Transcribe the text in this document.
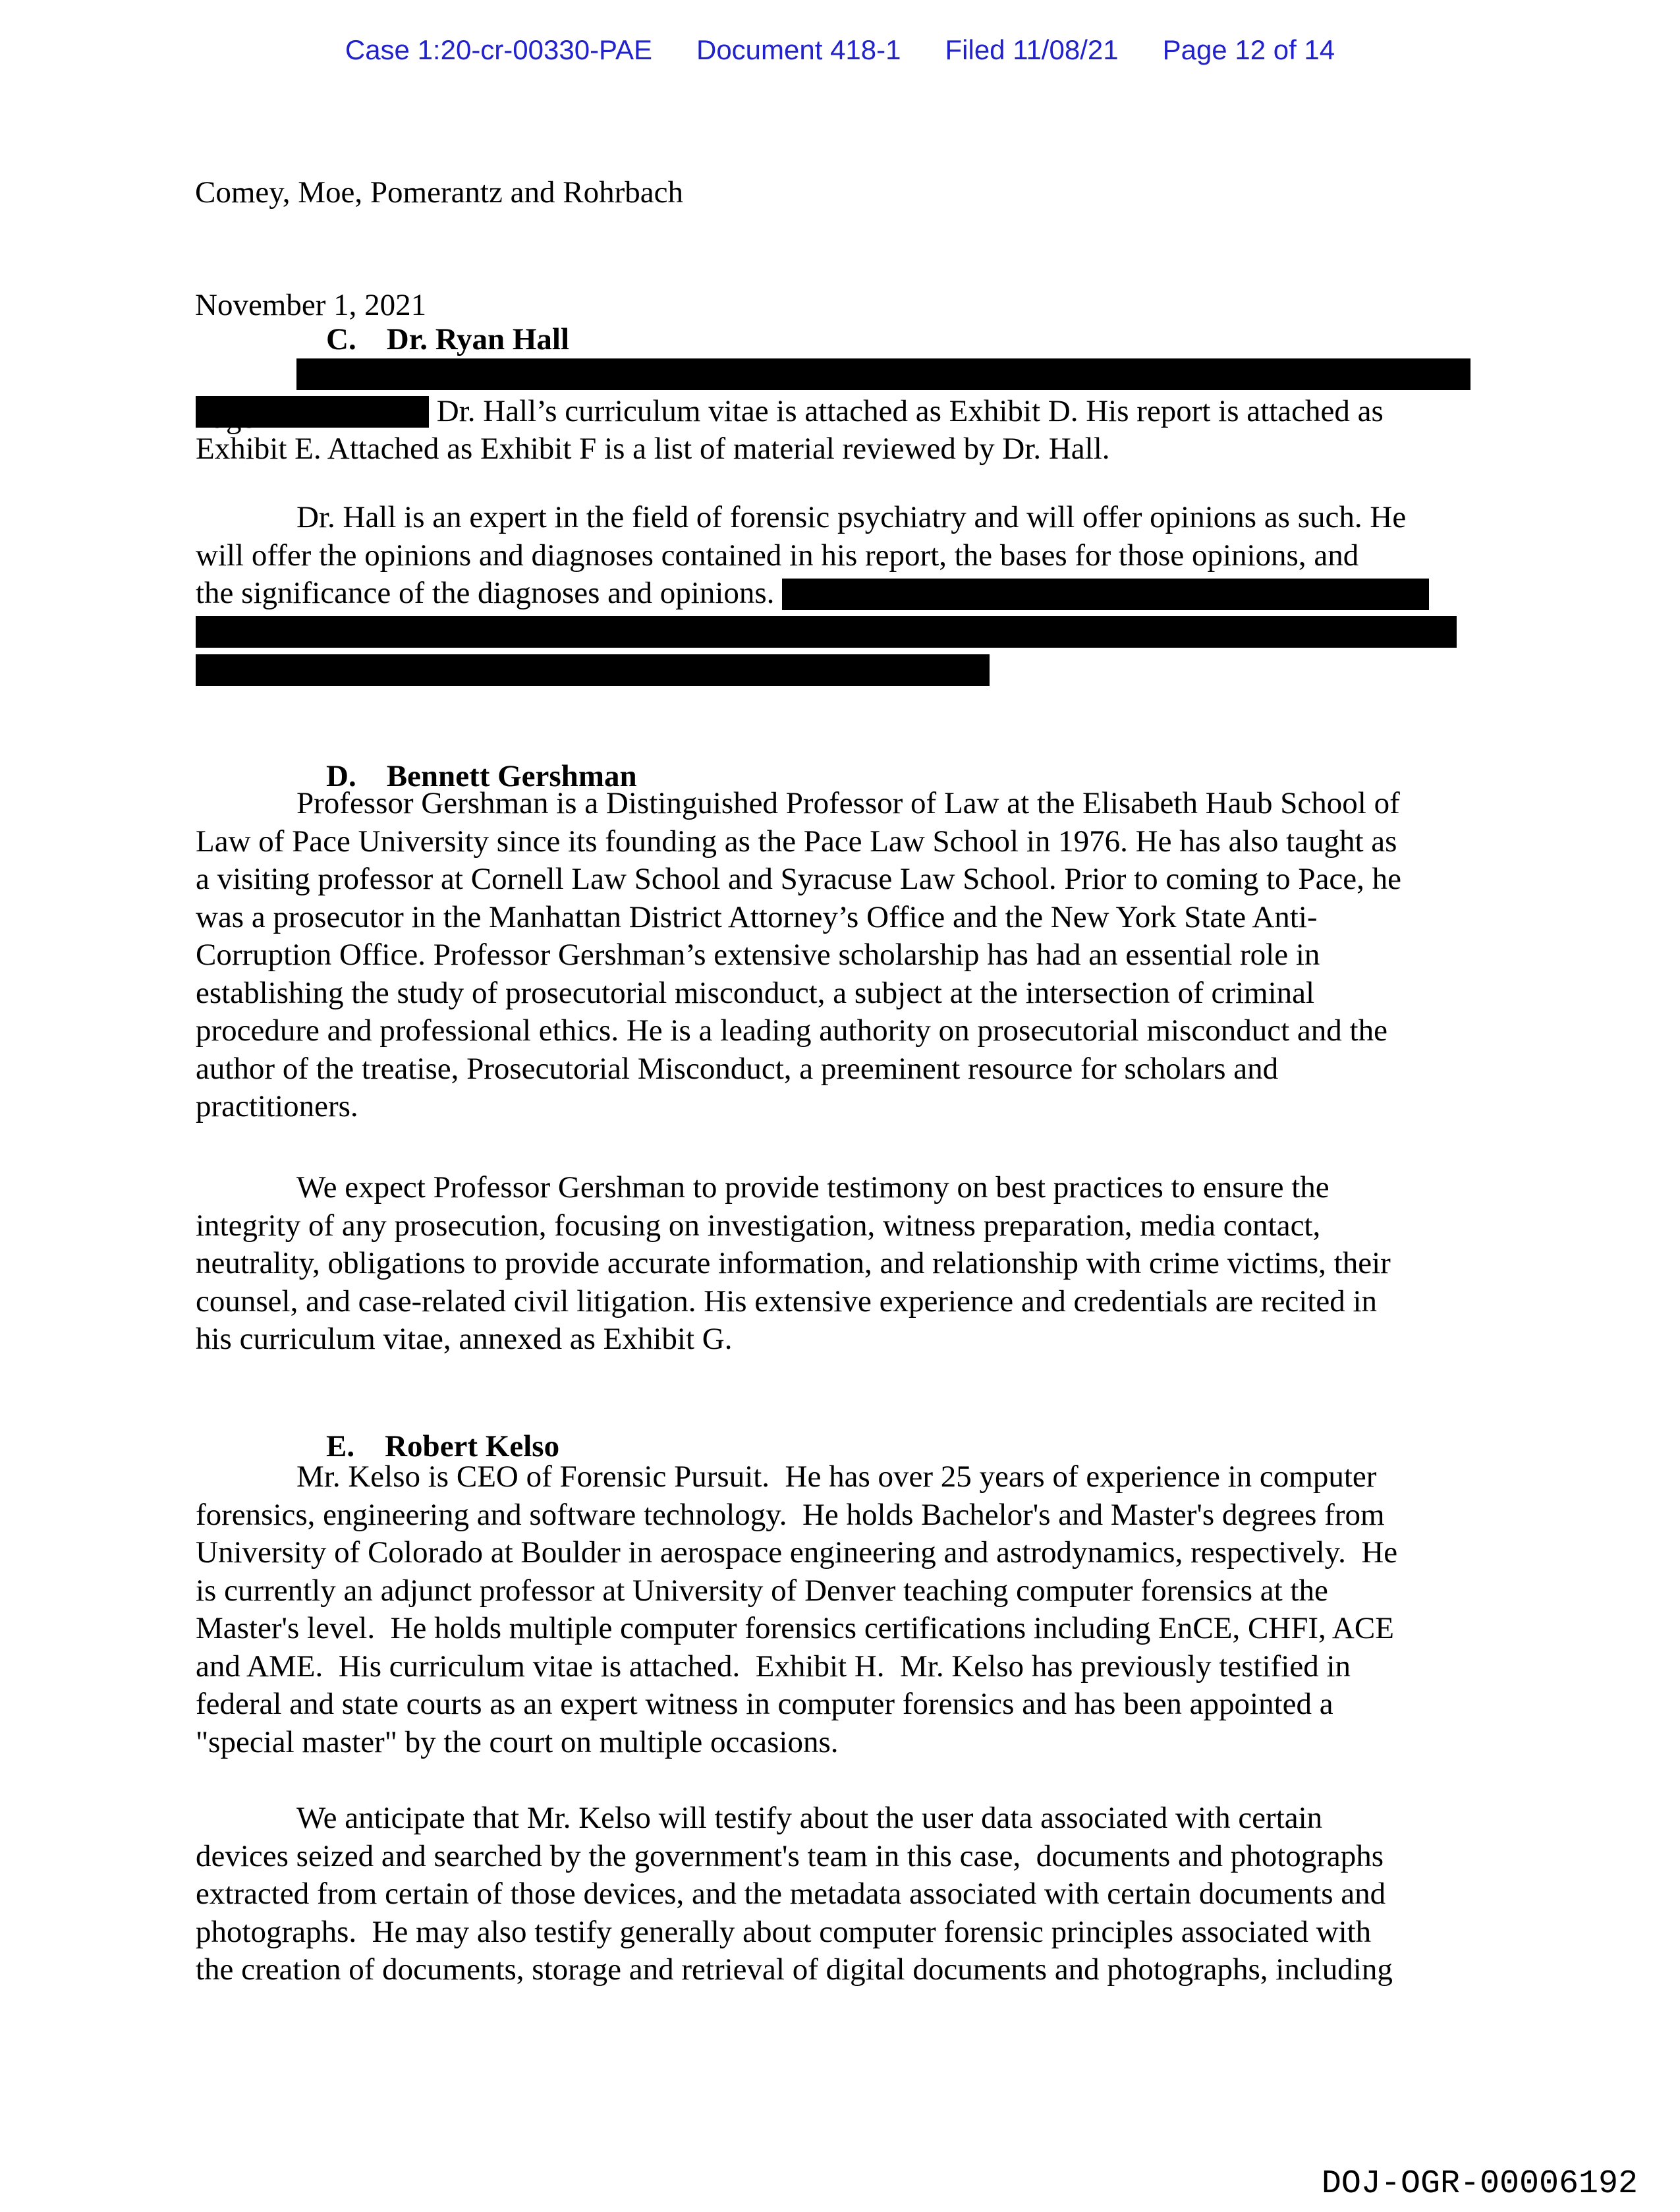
Case 1:20-cr-00330-PAE Document 418-1 Filed 11/08/21 Page 12 of 14

Comey, Moe, Pomerantz and Rohrbach

November 1, 2021

C. Dr. Ryan Hall

Dr. Hall’s curriculum vitae is attached as Exhibit D. His report is attached as
Exhibit E. Attached as Exhibit F is a list of material reviewed by Dr. Hall.
Dr. Hall is an expert in the field of forensic psychiatry and will offer opinions as such. He
will offer the opinions and diagnoses contained in his report, the bases for those opinions, and
the significance of the diagnoses and opinions.

D. Bennett Gershman

Professor Gershman is a Distinguished Professor of Law at the Elisabeth Haub School of
Law of Pace University since its founding as the Pace Law School in 1976. He has also taught as
a visiting professor at Cornell Law School and Syracuse Law School. Prior to coming to Pace, he
was a prosecutor in the Manhattan District Attorney’s Office and the New York State Anti-
Corruption Office. Professor Gershman’s extensive scholarship has had an essential role in
establishing the study of prosecutorial misconduct, a subject at the intersection of criminal
procedure and professional ethics. He is a leading authority on prosecutorial misconduct and the
author of the treatise, Prosecutorial Misconduct, a preeminent resource for scholars and
practitioners.
We expect Professor Gershman to provide testimony on best practices to ensure the
integrity of any prosecution, focusing on investigation, witness preparation, media contact,
neutrality, obligations to provide accurate information, and relationship with crime victims, their
counsel, and case-related civil litigation. His extensive experience and credentials are recited in
his curriculum vitae, annexed as Exhibit G.

E. Robert Kelso

Mr. Kelso is CEO of Forensic Pursuit.  He has over 25 years of experience in computer
forensics, engineering and software technology.  He holds Bachelor's and Master's degrees from
University of Colorado at Boulder in aerospace engineering and astrodynamics, respectively.  He
is currently an adjunct professor at University of Denver teaching computer forensics at the
Master's level.  He holds multiple computer forensics certifications including EnCE, CHFI, ACE
and AME.  His curriculum vitae is attached.  Exhibit H.  Mr. Kelso has previously testified in
federal and state courts as an expert witness in computer forensics and has been appointed a
"special master" by the court on multiple occasions.
We anticipate that Mr. Kelso will testify about the user data associated with certain
devices seized and searched by the government's team in this case,  documents and photographs
extracted from certain of those devices, and the metadata associated with certain documents and
photographs.  He may also testify generally about computer forensic principles associated with
the creation of documents, storage and retrieval of digital documents and photographs, including
DOJ-OGR-00006192
